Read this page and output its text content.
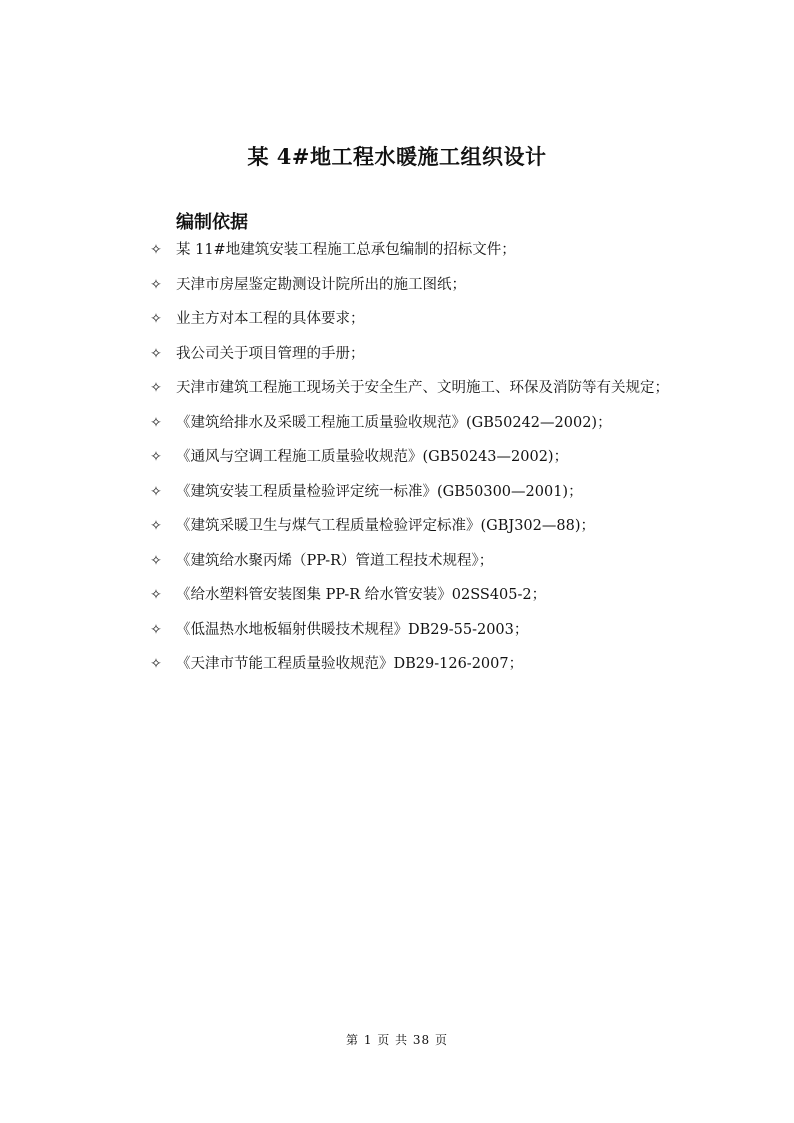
某 4#地工程水暖施工组织设计
编制依据
✧ 某 11#地建筑安装工程施工总承包编制的招标文件；
✧ 天津市房屋鉴定勘测设计院所出的施工图纸；
✧ 业主方对本工程的具体要求；
✧ 我公司关于项目管理的手册；
✧ 天津市建筑工程施工现场关于安全生产、文明施工、环保及消防等有关规定；
✧ 《建筑给排水及采暖工程施工质量验收规范》(GB50242—2002)；
✧ 《通风与空调工程施工质量验收规范》(GB50243—2002)；
✧ 《建筑安装工程质量检验评定统一标准》(GB50300—2001)；
✧ 《建筑采暖卫生与煤气工程质量检验评定标准》(GBJ302—88)；
✧ 《建筑给水聚丙烯（PP-R）管道工程技术规程》；
✧ 《给水塑料管安装图集 PP-R 给水管安装》02SS405-2；
✧ 《低温热水地板辐射供暖技术规程》DB29-55-2003；
✧ 《天津市节能工程质量验收规范》DB29-126-2007；
第 1 页 共 38 页
